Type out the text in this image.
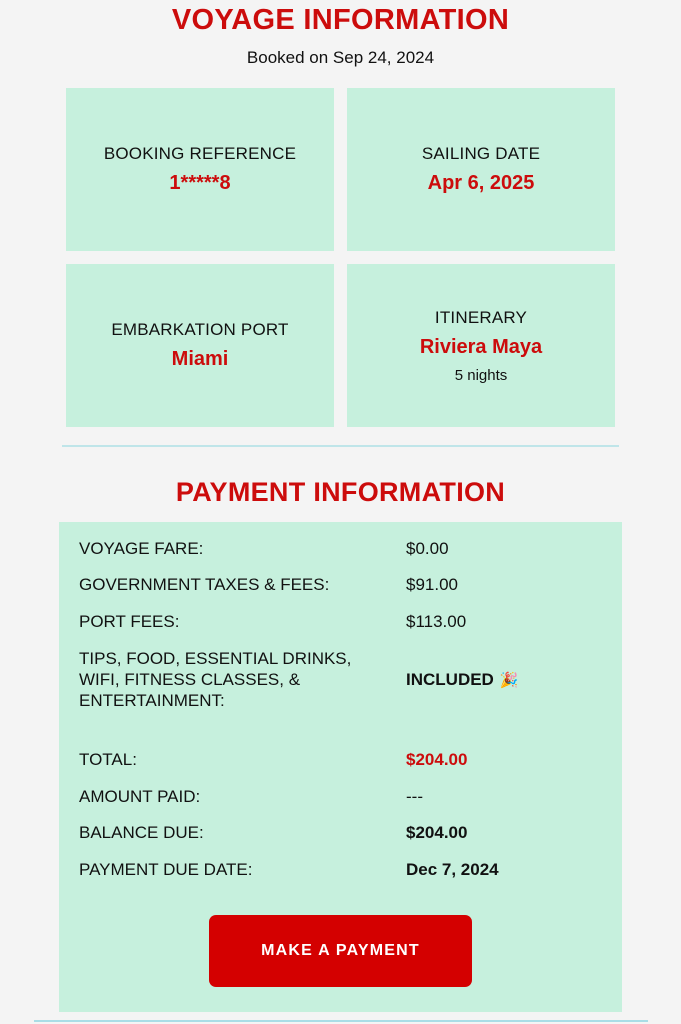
VOYAGE INFORMATION
Booked on Sep 24, 2024
BOOKING REFERENCE
1*****8
SAILING DATE
Apr 6, 2025
EMBARKATION PORT
Miami
ITINERARY
Riviera Maya
5 nights
PAYMENT INFORMATION
VOYAGE FARE:	$0.00
GOVERNMENT TAXES & FEES:	$91.00
PORT FEES:	$113.00
TIPS, FOOD, ESSENTIAL DRINKS, WIFI, FITNESS CLASSES, & ENTERTAINMENT:
INCLUDED 🎉
TOTAL:	$204.00
AMOUNT PAID:	---
BALANCE DUE:	$204.00
PAYMENT DUE DATE:	Dec 7, 2024
MAKE A PAYMENT
